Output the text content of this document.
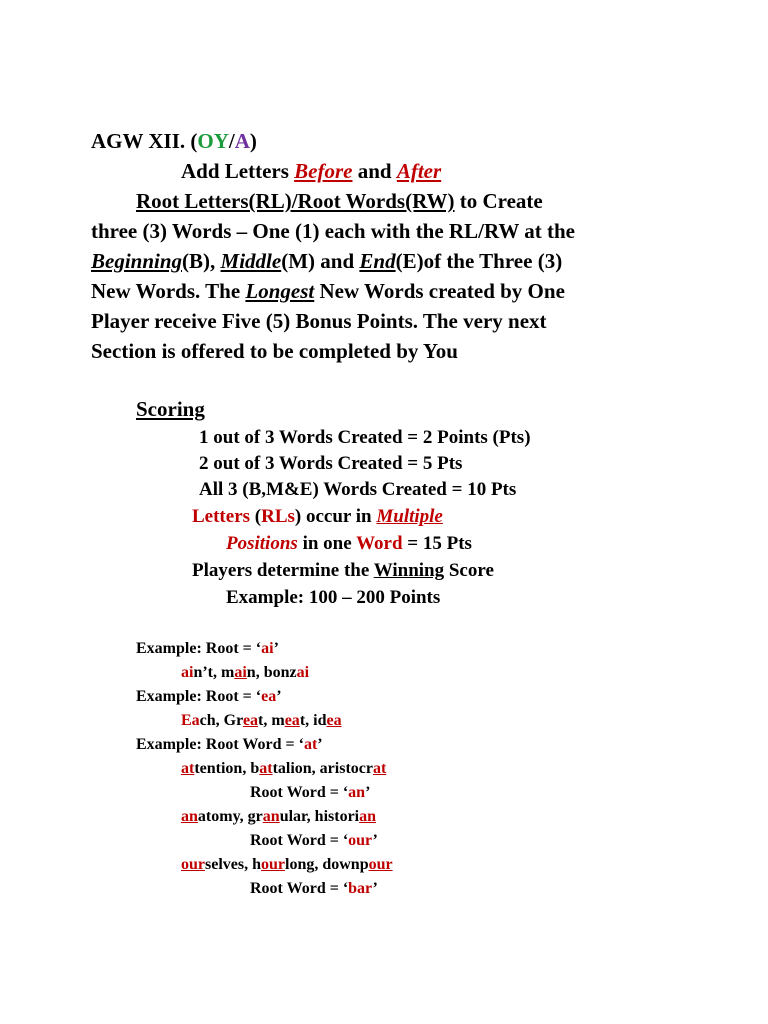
AGW XII. (OY/A)
Add Letters Before and After
Root Letters(RL)/Root Words(RW) to Create
three (3) Words – One (1) each with the RL/RW at the
Beginning(B), Middle(M) and End(E)of the Three (3)
New Words. The Longest New Words created by One
Player receive Five (5) Bonus Points. The very next
Section is offered to be completed by You
Scoring
1 out of 3 Words Created = 2 Points (Pts)
2 out of 3 Words Created = 5 Pts
All 3 (B,M&E) Words Created = 10 Pts
Letters (RLs) occur in Multiple
Positions in one Word = 15 Pts
Players determine the Winning Score
Example: 100 – 200 Points
Example: Root = ‘ai’
ain’t, main, bonzai
Example: Root = ‘ea’
Each, Great, meat, idea
Example: Root Word = ‘at’
attention, battalion, aristocrat
Root Word = ‘an’
anatomy, granular, historian
Root Word = ‘our’
ourselves, hourlong, downpour
Root Word = ‘bar’
